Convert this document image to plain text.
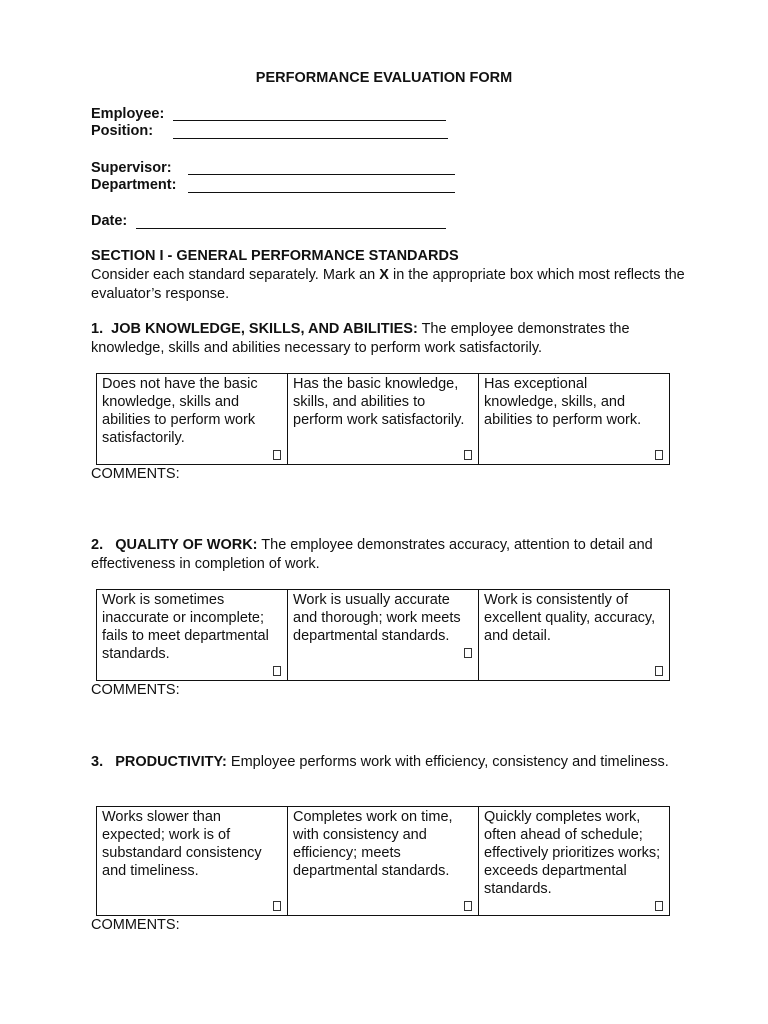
PERFORMANCE EVALUATION FORM
Employee:
Position:
Supervisor:
Department:
Date:
SECTION I - GENERAL PERFORMANCE STANDARDS
Consider each standard separately. Mark an X in the appropriate box which most reflects the evaluator’s response.
1. JOB KNOWLEDGE, SKILLS, AND ABILITIES: The employee demonstrates the knowledge, skills and abilities necessary to perform work satisfactorily.
Does not have the basic knowledge, skills and abilities to perform work satisfactorily.
Has the basic knowledge, skills, and abilities to perform work satisfactorily.
Has exceptional knowledge, skills, and abilities to perform work.
COMMENTS:
2. QUALITY OF WORK: The employee demonstrates accuracy, attention to detail and effectiveness in completion of work.
Work is sometimes inaccurate or incomplete; fails to meet departmental standards.
Work is usually accurate and thorough; work meets departmental standards.
Work is consistently of excellent quality, accuracy, and detail.
COMMENTS:
3. PRODUCTIVITY: Employee performs work with efficiency, consistency and timeliness.
Works slower than expected; work is of substandard consistency and timeliness.
Completes work on time, with consistency and efficiency; meets departmental standards.
Quickly completes work, often ahead of schedule; effectively prioritizes works; exceeds departmental standards.
COMMENTS:
